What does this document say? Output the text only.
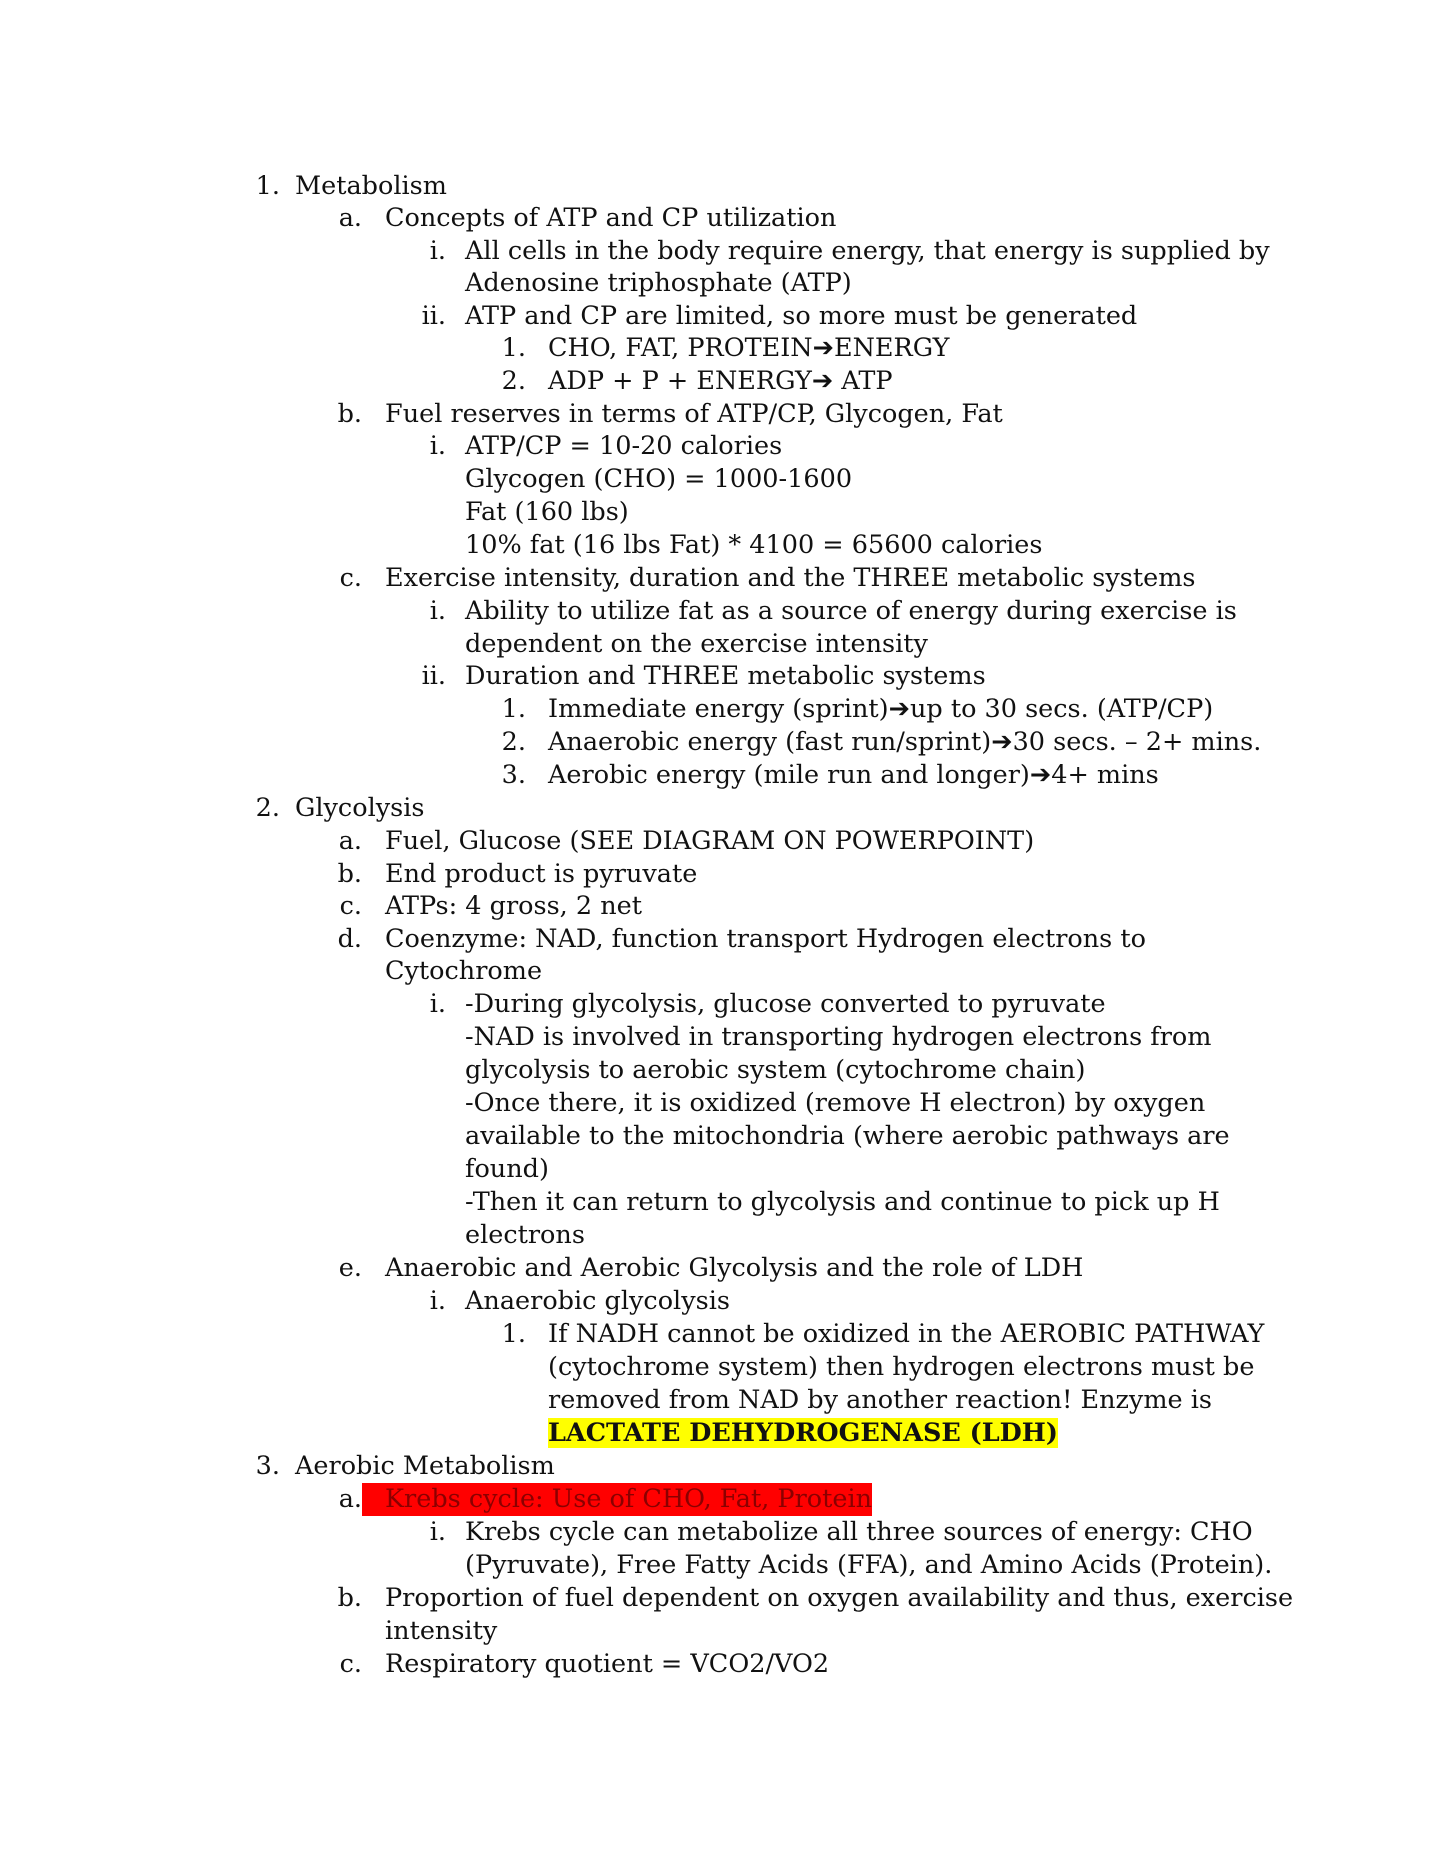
1. Metabolism
a. Concepts of ATP and CP utilization
i. All cells in the body require energy, that energy is supplied by
Adenosine triphosphate (ATP)
ii. ATP and CP are limited, so more must be generated
1. CHO, FAT, PROTEIN➔ENERGY
2. ADP + P + ENERGY➔ ATP
b. Fuel reserves in terms of ATP/CP, Glycogen, Fat
i. ATP/CP = 10-20 calories
Glycogen (CHO) = 1000-1600
Fat (160 lbs)
10% fat (16 lbs Fat) * 4100 = 65600 calories
c. Exercise intensity, duration and the THREE metabolic systems
i. Ability to utilize fat as a source of energy during exercise is
dependent on the exercise intensity
ii. Duration and THREE metabolic systems
1. Immediate energy (sprint)➔up to 30 secs. (ATP/CP)
2. Anaerobic energy (fast run/sprint)➔30 secs. – 2+ mins.
3. Aerobic energy (mile run and longer)➔4+ mins
2. Glycolysis
a. Fuel, Glucose (SEE DIAGRAM ON POWERPOINT)
b. End product is pyruvate
c. ATPs: 4 gross, 2 net
d. Coenzyme: NAD, function transport Hydrogen electrons to
Cytochrome
i. -During glycolysis, glucose converted to pyruvate
-NAD is involved in transporting hydrogen electrons from
glycolysis to aerobic system (cytochrome chain)
-Once there, it is oxidized (remove H electron) by oxygen
available to the mitochondria (where aerobic pathways are
found)
-Then it can return to glycolysis and continue to pick up H
electrons
e. Anaerobic and Aerobic Glycolysis and the role of LDH
i. Anaerobic glycolysis
1. If NADH cannot be oxidized in the AEROBIC PATHWAY
(cytochrome system) then hydrogen electrons must be
removed from NAD by another reaction! Enzyme is
LACTATE DEHYDROGENASE (LDH)
3. Aerobic Metabolism
a. Krebs cycle: Use of CHO, Fat, Protein
i. Krebs cycle can metabolize all three sources of energy: CHO
(Pyruvate), Free Fatty Acids (FFA), and Amino Acids (Protein).
b. Proportion of fuel dependent on oxygen availability and thus, exercise
intensity
c. Respiratory quotient = VCO2/VO2
